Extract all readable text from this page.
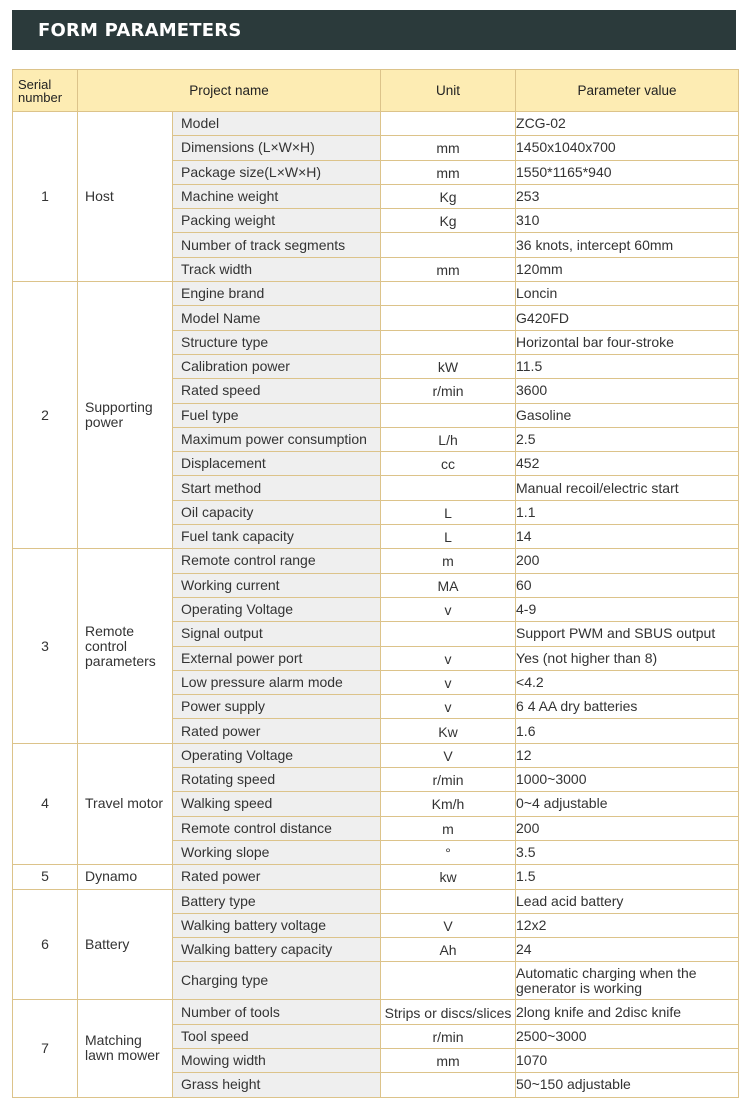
FORM PARAMETERS
Serial number	Project name		Unit	Parameter value
1	Host	Model		ZCG-02
		Dimensions (L×W×H)	mm	1450x1040x700
		Package size(L×W×H)	mm	1550*1165*940
		Machine weight	Kg	253
		Packing weight	Kg	310
		Number of track segments		36 knots, intercept 60mm
		Track width	mm	120mm
2	Supporting power	Engine brand		Loncin
		Model Name		G420FD
		Structure type		Horizontal bar four-stroke
		Calibration power	kW	11.5
		Rated speed	r/min	3600
		Fuel type		Gasoline
		Maximum power consumption	L/h	2.5
		Displacement	cc	452
		Start method		Manual recoil/electric start
		Oil capacity	L	1.1
		Fuel tank capacity	L	14
3	Remote control parameters	Remote control range	m	200
		Working current	MA	60
		Operating Voltage	v	4-9
		Signal output		Support PWM and SBUS output
		External power port	v	Yes (not higher than 8)
		Low pressure alarm mode	v	<4.2
		Power supply	v	6 4 AA dry batteries
		Rated power	Kw	1.6
4	Travel motor	Operating Voltage	V	12
		Rotating speed	r/min	1000~3000
		Walking speed	Km/h	0~4 adjustable
		Remote control distance	m	200
		Working slope	°	3.5
5	Dynamo	Rated power	kw	1.5
6	Battery	Battery type		Lead acid battery
		Walking battery voltage	V	12x2
		Walking battery capacity	Ah	24
		Charging type		Automatic charging when the generator is working
7	Matching lawn mower	Number of tools	Strips or discs/slices	2long knife and 2disc knife
		Tool speed	r/min	2500~3000
		Mowing width	mm	1070
		Grass height		50~150 adjustable
